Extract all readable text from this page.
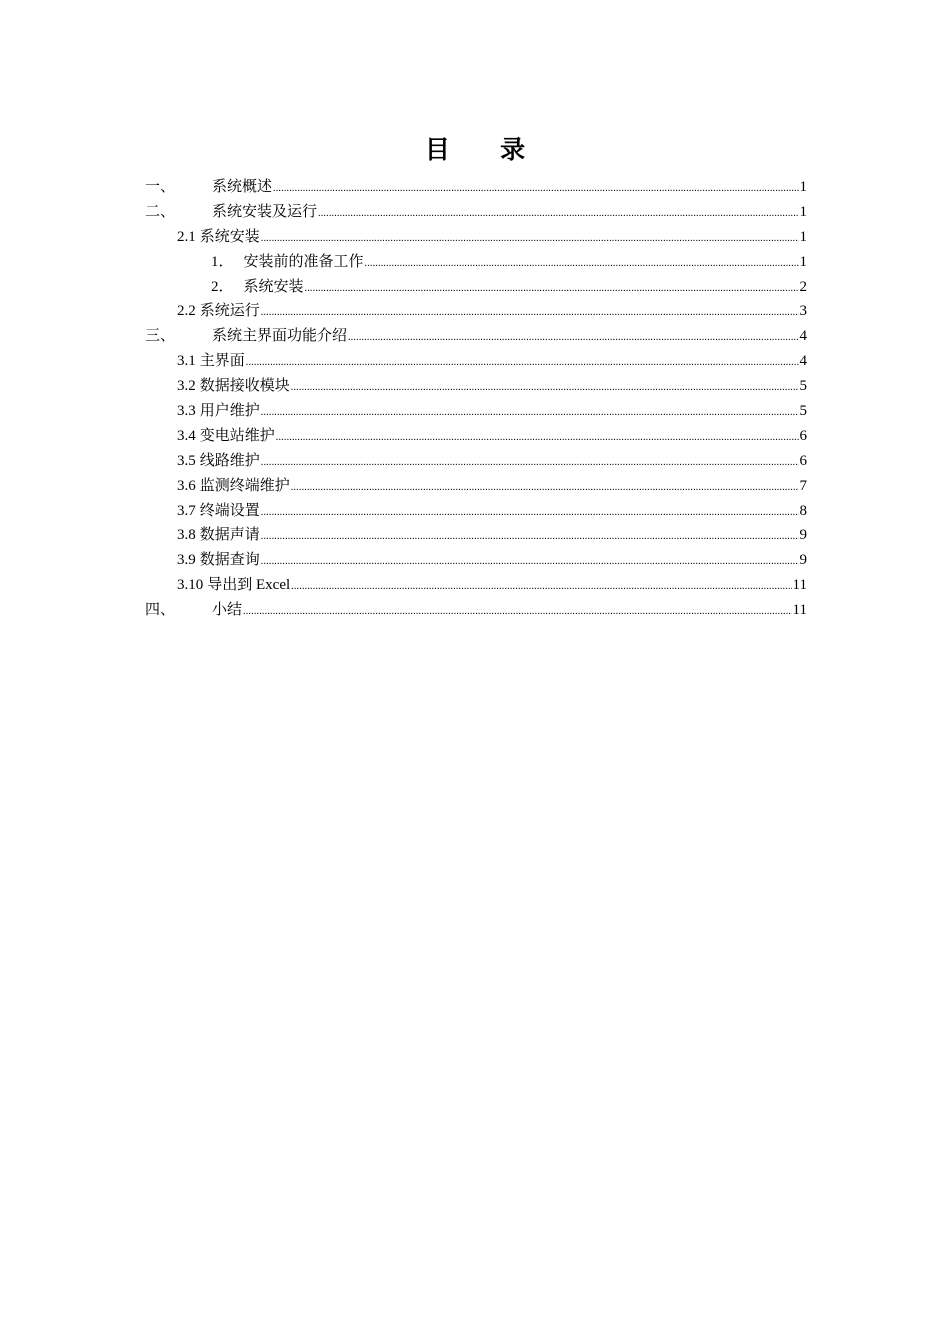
目 录
一、	系统概述 .....	1
二、	系统安装及运行 .....	1
2.1 系统安装 .....	1
1． 安装前的准备工作 .....	1
2． 系统安装 .....	2
2.2 系统运行 .....	3
三、	系统主界面功能介绍 .....	4
3.1 主界面 .....	4
3.2 数据接收模块 .....	5
3.3 用户维护 .....	5
3.4 变电站维护 .....	6
3.5 线路维护 .....	6
3.6 监测终端维护 .....	7
3.7 终端设置 .....	8
3.8 数据声请 .....	9
3.9 数据查询 .....	9
3.10 导出到 Excel .....	11
四、	小结 .....	11
